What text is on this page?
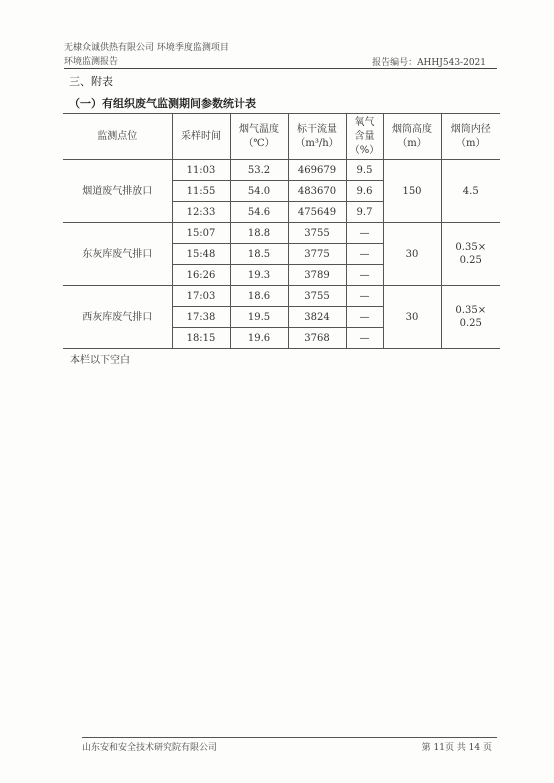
无棣众诚供热有限公司 环境季度监测项目
环境监测报告	报告编号：AHHJ543-2021
三、附表
（一）有组织废气监测期间参数统计表
监测点位	采样时间	烟气温度
（℃）	标干流量
（m³/h）	氧气
含量
（%）	烟筒高度
（m）	烟筒内径
（m）
烟道废气排放口	11:03	53.2	469679	9.5	150	4.5

	11:55	54.0	483670	9.6		
	12:33	54.6	475649	9.7		
东灰库废气排口	15:07	18.8	3755	—	30	0.35×
0.25
	15:48	18.5	3775	—		
	16:26	19.3	3789	—		
西灰库废气排口	17:03	18.6	3755	—	30	0.35×
0.25
	17:38	19.5	3824	—		
	18:15	19.6	3768	—		
本栏以下空白
山东安和安全技术研究院有限公司	第 11页 共 14 页
